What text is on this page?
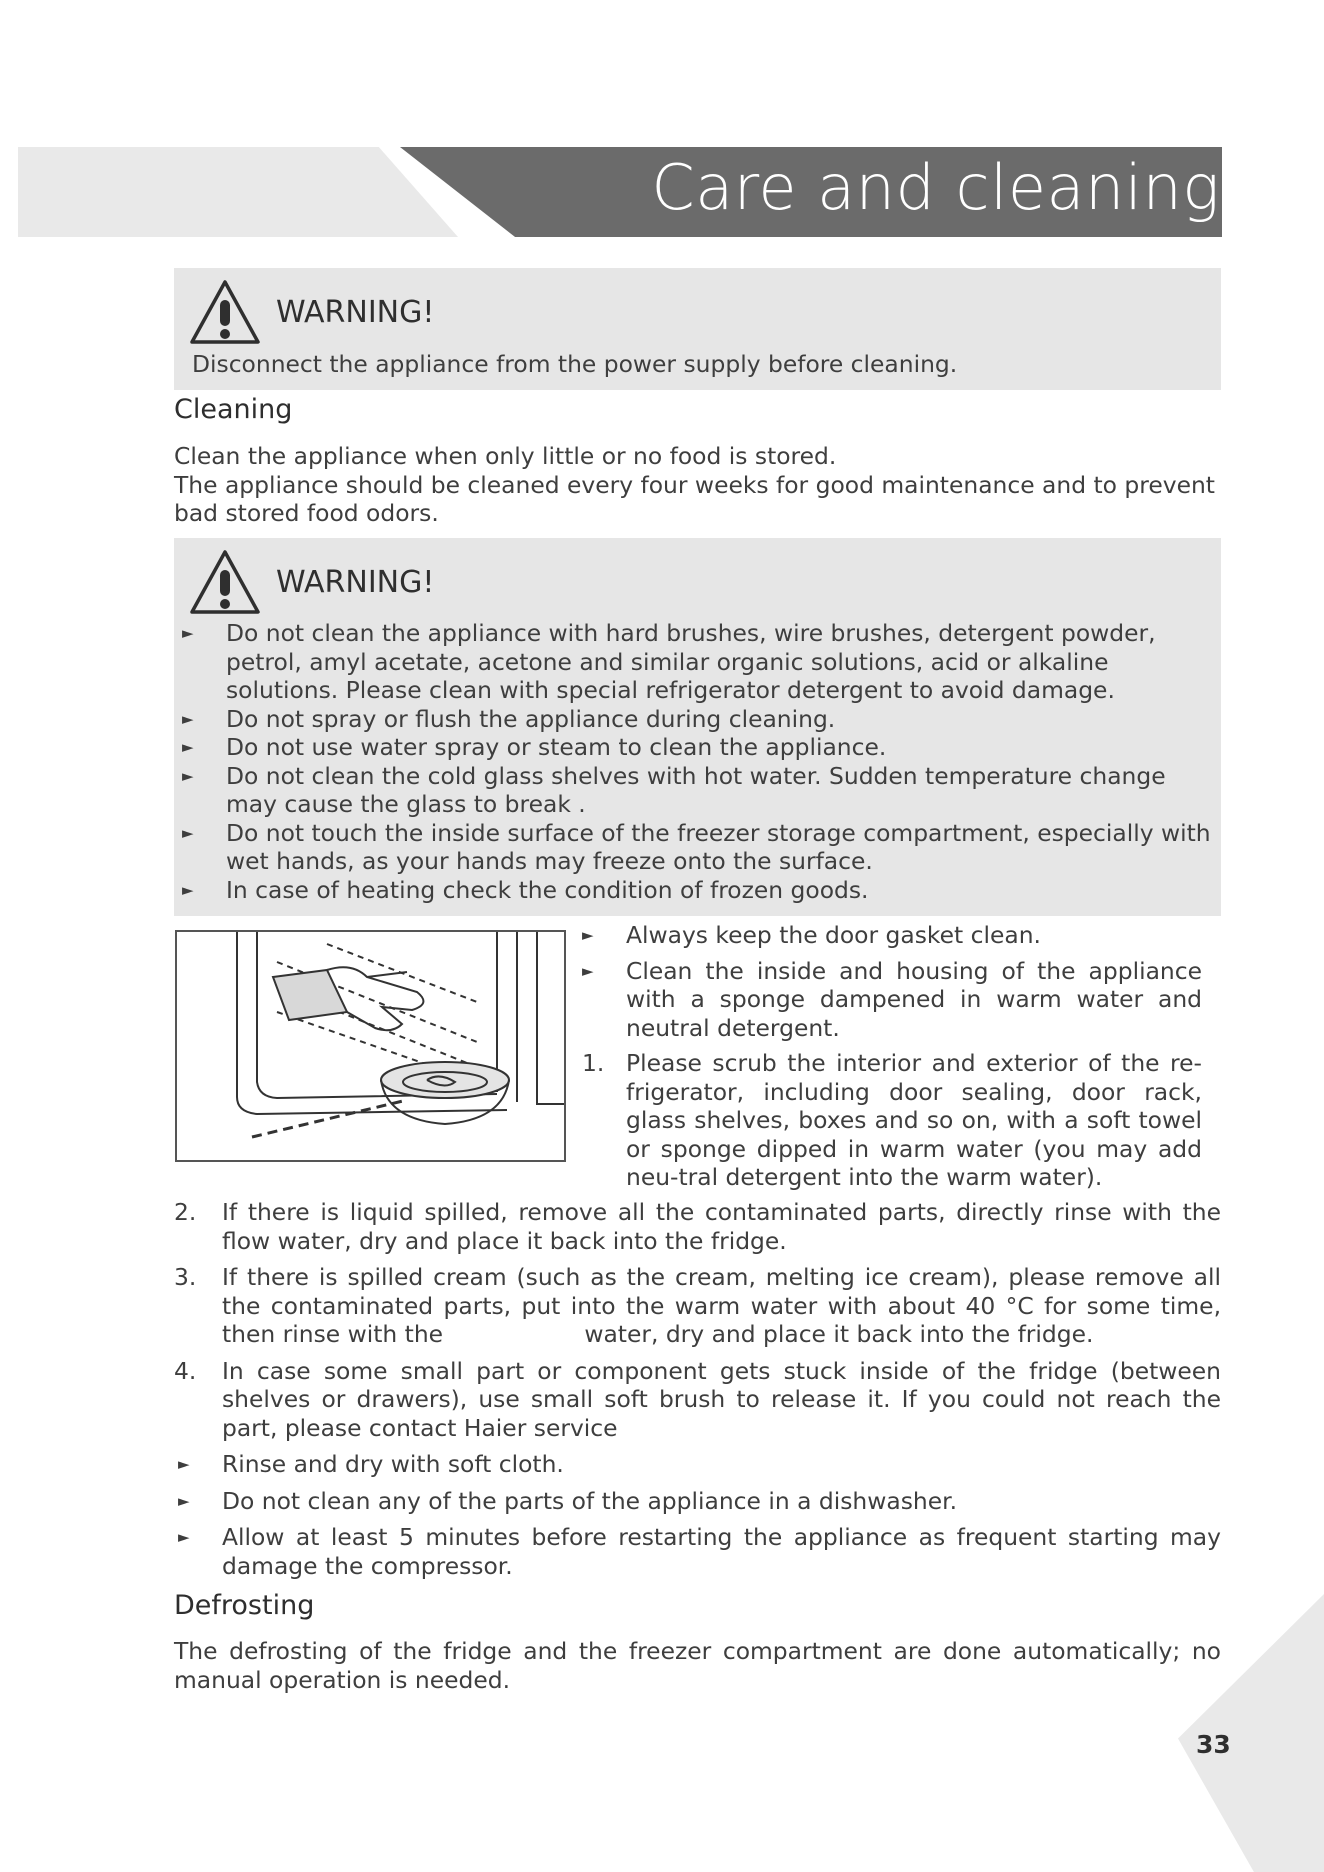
Care and cleaning
WARNING!
Disconnect the appliance from the power supply before cleaning.
Cleaning
Clean the appliance when only little or no food is stored.
The appliance should be cleaned every four weeks for good maintenance and to prevent bad stored food odors.
WARNING!
► Do not clean the appliance with hard brushes, wire brushes, detergent powder, petrol, amyl acetate, acetone and similar organic solutions, acid or alkaline solutions. Please clean with special refrigerator detergent to avoid damage.
► Do not spray or flush the appliance during cleaning.
► Do not use water spray or steam to clean the appliance.
► Do not clean the cold glass shelves with hot water. Sudden temperature change may cause the glass to break .
► Do not touch the inside surface of the freezer storage compartment, especially with wet hands, as your hands may freeze onto the surface.
► In case of heating check the condition of frozen goods.
► Always keep the door gasket clean.
► Clean the inside and housing of the appliance with a sponge dampened in warm water and neutral detergent.
1. Please scrub the interior and exterior of the re-frigerator, including door sealing, door rack, glass shelves, boxes and so on, with a soft towel or sponge dipped in warm water (you may add neu-tral detergent into the warm water).
2.	If there is liquid spilled, remove all the contaminated parts, directly rinse with the flow water, dry and place it back into the fridge.
3.	If there is spilled cream (such as the cream, melting ice cream), please remove all the contaminated parts, put into the warm water with about 40 °C for some time, then rinse with the                   water, dry and place it back into the fridge.
4.	In case some small part or component gets stuck inside of the fridge (between shelves or drawers), use small soft brush to release it. If you could not reach the part, please contact Haier service
► Rinse and dry with soft cloth.
► Do not clean any of the parts of the appliance in a dishwasher.
► Allow at least 5 minutes before restarting the appliance as frequent starting may damage the compressor.
Defrosting
The defrosting of the fridge and the freezer compartment are done automatically; no manual operation is needed.
33
